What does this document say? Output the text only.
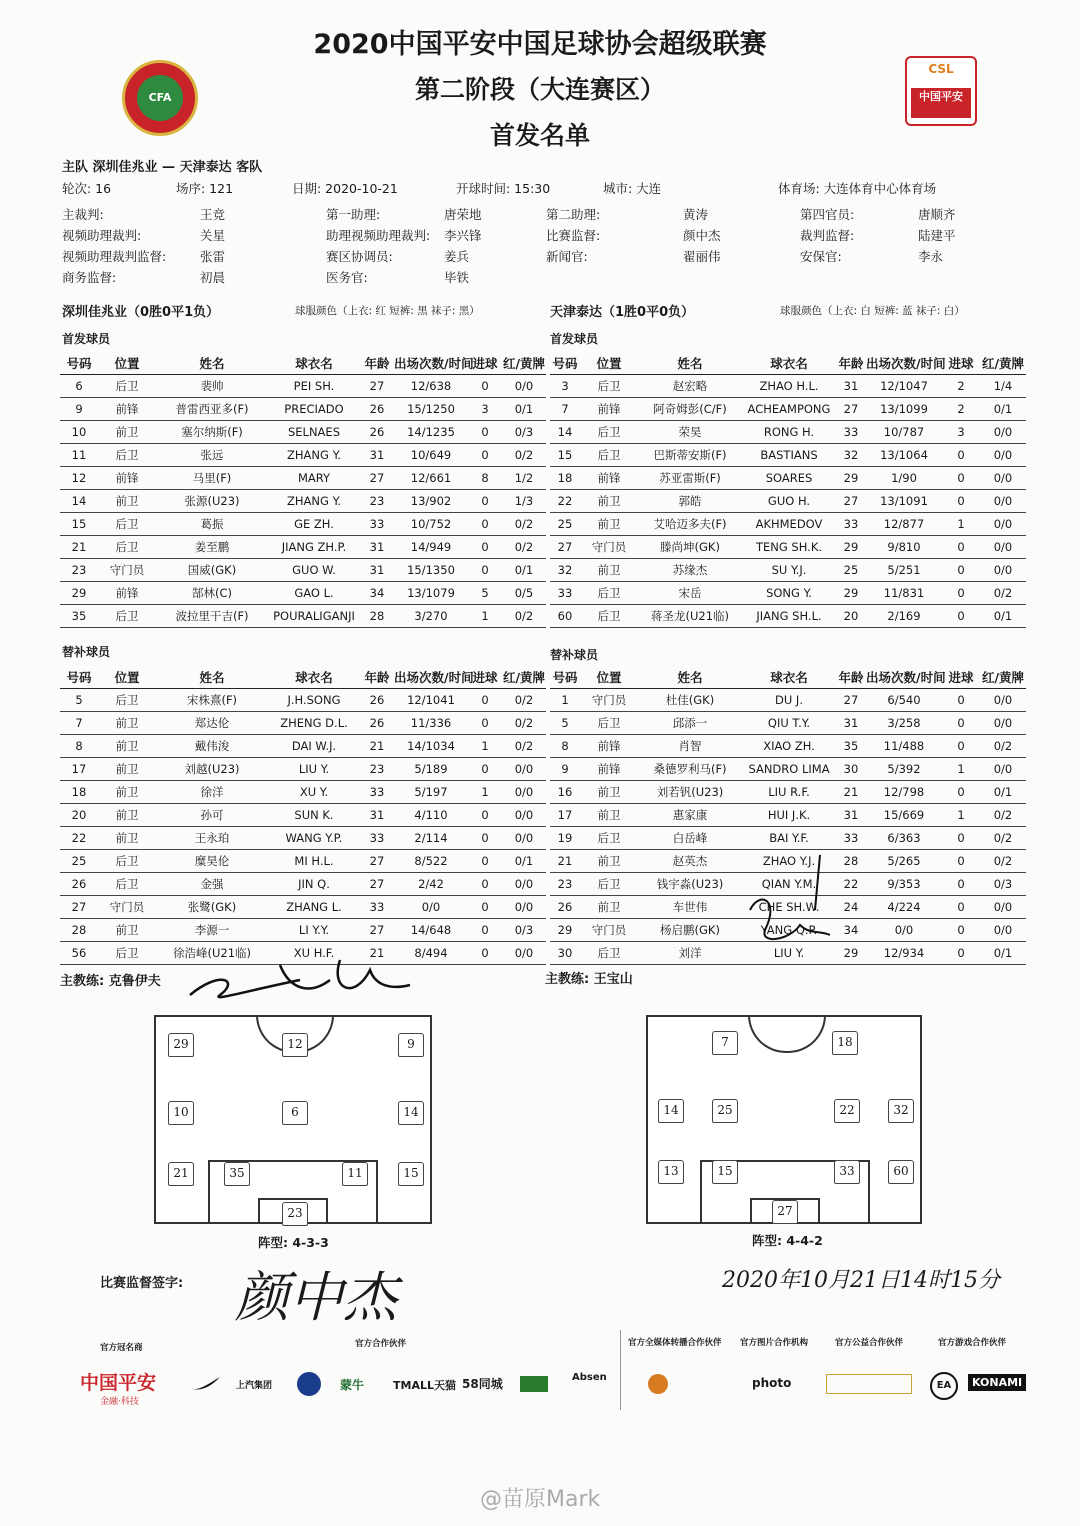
2020中国平安中国足球协会超级联赛
第二阶段（大连赛区）
首发名单
CFA
CSL
中国平安
主队 深圳佳兆业 — 天津泰达 客队
轮次: 16	场序: 121	日期: 2020-10-21	开球时间: 15:30	城市: 大连	体育场: 大连体育中心体育场
主裁判:	王竞	第一助理:	唐荣地	第二助理:	黄涛	第四官员:	唐顺齐
视频助理裁判:	关星	助理视频助理裁判: 李兴锋	比赛监督:	颜中杰	裁判监督:	陆建平
视频助理裁判监督:	张雷	赛区协调员:	姜兵	新闻官:	翟丽伟	安保官:	李永
商务监督:	初晨	医务官:	毕铁
深圳佳兆业（0胜0平1负）	球服颜色（上衣: 红 短裤: 黑 袜子: 黑）	天津泰达（1胜0平0负）	球服颜色（上衣: 白 短裤: 蓝 袜子: 白）
首发球员	首发球员
号码	位置	姓名	球衣名	年龄	出场次数/时间	进球	红/黄牌
6	后卫	裴帅	PEI SH.	27	12/638	0	0/0
9	前锋	普雷西亚多(F)	PRECIADO	26	15/1250	3	0/1
10	前卫	塞尔纳斯(F)	SELNAES	26	14/1235	0	0/3
11	后卫	张远	ZHANG Y.	31	10/649	0	0/2
12	前锋	马里(F)	MARY	27	12/661	8	1/2
14	前卫	张源(U23)	ZHANG Y.	23	13/902	0	1/3
15	后卫	葛振	GE ZH.	33	10/752	0	0/2
21	后卫	姜至鹏	JIANG ZH.P.	31	14/949	0	0/2
23	守门员	国威(GK)	GUO W.	31	15/1350	0	0/1
29	前锋	郜林(C)	GAO L.	34	13/1079	5	0/5
35	后卫	波拉里干吉(F)	POURALIGANJI	28	3/270	1	0/2
号码	位置	姓名	球衣名	年龄	出场次数/时间	进球	红/黄牌
3	后卫	赵宏略	ZHAO H.L.	31	12/1047	2	1/4
7	前锋	阿奇姆彭(C/F)	ACHEAMPONG	27	13/1099	2	0/1
14	后卫	荣昊	RONG H.	33	10/787	3	0/0
15	后卫	巴斯蒂安斯(F)	BASTIANS	32	13/1064	0	0/0
18	前锋	苏亚雷斯(F)	SOARES	29	1/90	0	0/0
22	前卫	郭皓	GUO H.	27	13/1091	0	0/0
25	前卫	艾哈迈多夫(F)	AKHMEDOV	33	12/877	1	0/0
27	守门员	滕尚坤(GK)	TENG SH.K.	29	9/810	0	0/0
32	前卫	苏缘杰	SU Y.J.	25	5/251	0	0/0
33	后卫	宋岳	SONG Y.	29	11/831	0	0/2
60	后卫	蒋圣龙(U21临)	JIANG SH.L.	20	2/169	0	0/1
替补球员	替补球员
号码	位置	姓名	球衣名	年龄	出场次数/时间	进球	红/黄牌
5	后卫	宋株熹(F)	J.H.SONG	26	12/1041	0	0/2
7	前卫	郑达伦	ZHENG D.L.	26	11/336	0	0/2
8	前卫	戴伟浚	DAI W.J.	21	14/1034	1	0/2
17	前卫	刘越(U23)	LIU Y.	23	5/189	0	0/0
18	前卫	徐洋	XU Y.	33	5/197	1	0/0
20	前卫	孙可	SUN K.	31	4/110	0	0/0
22	前卫	王永珀	WANG Y.P.	33	2/114	0	0/0
25	后卫	糜昊伦	MI H.L.	27	8/522	0	0/1
26	后卫	金强	JIN Q.	27	2/42	0	0/0
27	守门员	张鹭(GK)	ZHANG L.	33	0/0	0	0/0
28	前卫	李源一	LI Y.Y.	27	14/648	0	0/3
56	后卫	徐浩峰(U21临)	XU H.F.	21	8/494	0	0/0
号码	位置	姓名	球衣名	年龄	出场次数/时间	进球	红/黄牌
1	守门员	杜佳(GK)	DU J.	27	6/540	0	0/0
5	后卫	邱添一	QIU T.Y.	31	3/258	0	0/0
8	前锋	肖智	XIAO ZH.	35	11/488	0	0/2
9	前锋	桑德罗利马(F)	SANDRO LIMA	30	5/392	1	0/0
16	前卫	刘若钒(U23)	LIU R.F.	21	12/798	0	0/1
17	前卫	惠家康	HUI J.K.	31	15/669	1	0/2
19	后卫	白岳峰	BAI Y.F.	33	6/363	0	0/2
21	前卫	赵英杰	ZHAO Y.J.	28	5/265	0	0/2
23	后卫	钱宇淼(U23)	QIAN Y.M.	22	9/353	0	0/3
26	前卫	车世伟	CHE SH.W.	24	4/224	0	0/0
29	守门员	杨启鹏(GK)	YANG Q.P.	34	0/0	0	0/0
30	后卫	刘洋	LIU Y.	29	12/934	0	0/1
主教练: 克鲁伊夫	主教练: 王宝山
29	12	9
10	6	14
21	35	11	15
23
7	18
14	25	22	32
13	15	33	60
27
阵型: 4-3-3	阵型: 4-4-2
比赛监督签字: 颜中杰	2020年10月21日14时15分
官方冠名商	官方合作伙伴	官方全媒体转播合作伙伴 官方图片合作机构	官方公益合作伙伴	官方游戏合作伙伴
中国平安
金融·科技
上汽集团	蒙牛	TMALL天猫 58同城	Absen	photo	EA	KONAMI
@苗原Mark
